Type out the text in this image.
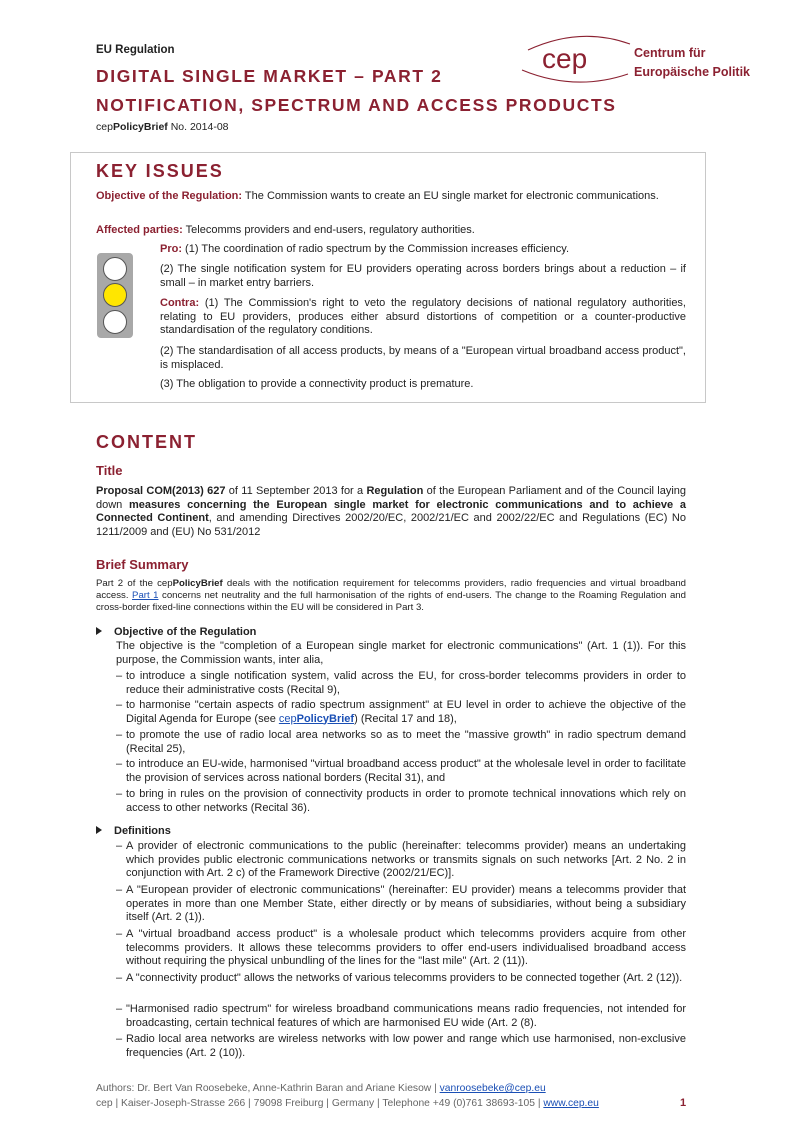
EU Regulation
DIGITAL SINGLE MARKET – PART 2
NOTIFICATION, SPECTRUM AND ACCESS PRODUCTS
cepPolicyBrief No. 2014-08
cep	Centrum für
Europäische Politik
KEY ISSUES
Objective of the Regulation: The Commission wants to create an EU single market for electronic communications.
Affected parties: Telecomms providers and end-users, regulatory authorities.
Pro: (1) The coordination of radio spectrum by the Commission increases efficiency.
(2) The single notification system for EU providers operating across borders brings about a reduction – if small – in market entry barriers.
Contra: (1) The Commission's right to veto the regulatory decisions of national regulatory authorities, relating to EU providers, produces either absurd distortions of competition or a counter-productive standardisation of the regulatory conditions.
(2) The standardisation of all access products, by means of a "European virtual broadband access product", is misplaced.
(3) The obligation to provide a connectivity product is premature.
CONTENT
Title
Proposal COM(2013) 627 of 11 September 2013 for a Regulation of the European Parliament and of the Council laying down measures concerning the European single market for electronic communications and to achieve a Connected Continent, and amending Directives 2002/20/EC, 2002/21/EC and 2002/22/EC and Regulations (EC) No 1211/2009 and (EU) No 531/2012
Brief Summary
Part 2 of the cepPolicyBrief deals with the notification requirement for telecomms providers, radio frequencies and virtual broadband access. Part 1 concerns net neutrality and the full harmonisation of the rights of end-users. The change to the Roaming Regulation and cross-border fixed-line connections within the EU will be considered in Part 3.
Objective of the Regulation
The objective is the "completion of a European single market for electronic communications" (Art. 1 (1)). For this purpose, the Commission wants, inter alia,
– to introduce a single notification system, valid across the EU, for cross-border telecomms providers in order to reduce their administrative costs (Recital 9),
– to harmonise "certain aspects of radio spectrum assignment" at EU level in order to achieve the objective of the Digital Agenda for Europe (see cepPolicyBrief) (Recital 17 and 18),
– to promote the use of radio local area networks so as to meet the "massive growth" in radio spectrum demand (Recital 25),
– to introduce an EU-wide, harmonised "virtual broadband access product" at the wholesale level in order to facilitate the provision of services across national borders (Recital 31), and
– to bring in rules on the provision of connectivity products in order to promote technical innovations which rely on access to other networks (Recital 36).
Definitions
– A provider of electronic communications to the public (hereinafter: telecomms provider) means an undertaking which provides public electronic communications networks or transmits signals on such networks [Art. 2 No. 2 in conjunction with Art. 2 c) of the Framework Directive (2002/21/EC)].
– A "European provider of electronic communications" (hereinafter: EU provider) means a telecomms provider that operates in more than one Member State, either directly or by means of subsidiaries, without being a subsidiary itself (Art. 2 (1)).
– A "virtual broadband access product" is a wholesale product which telecomms providers acquire from other telecomms providers. It allows these telecomms providers to offer end-users individualised broadband access without requiring the physical unbundling of the lines for the "last mile" (Art. 2 (11)).
– A "connectivity product" allows the networks of various telecomms providers to be connected together (Art. 2 (12)).
– "Harmonised radio spectrum" for wireless broadband communications means radio frequencies, not intended for broadcasting, certain technical features of which are harmonised EU wide (Art. 2 (8).
– Radio local area networks are wireless networks with low power and range which use harmonised, non-exclusive frequencies (Art. 2 (10)).
Authors: Dr. Bert Van Roosebeke, Anne-Kathrin Baran and Ariane Kiesow | vanroosebeke@cep.eu
cep | Kaiser-Joseph-Strasse 266 | 79098 Freiburg | Germany | Telephone +49 (0)761 38693-105 | www.cep.eu	1
